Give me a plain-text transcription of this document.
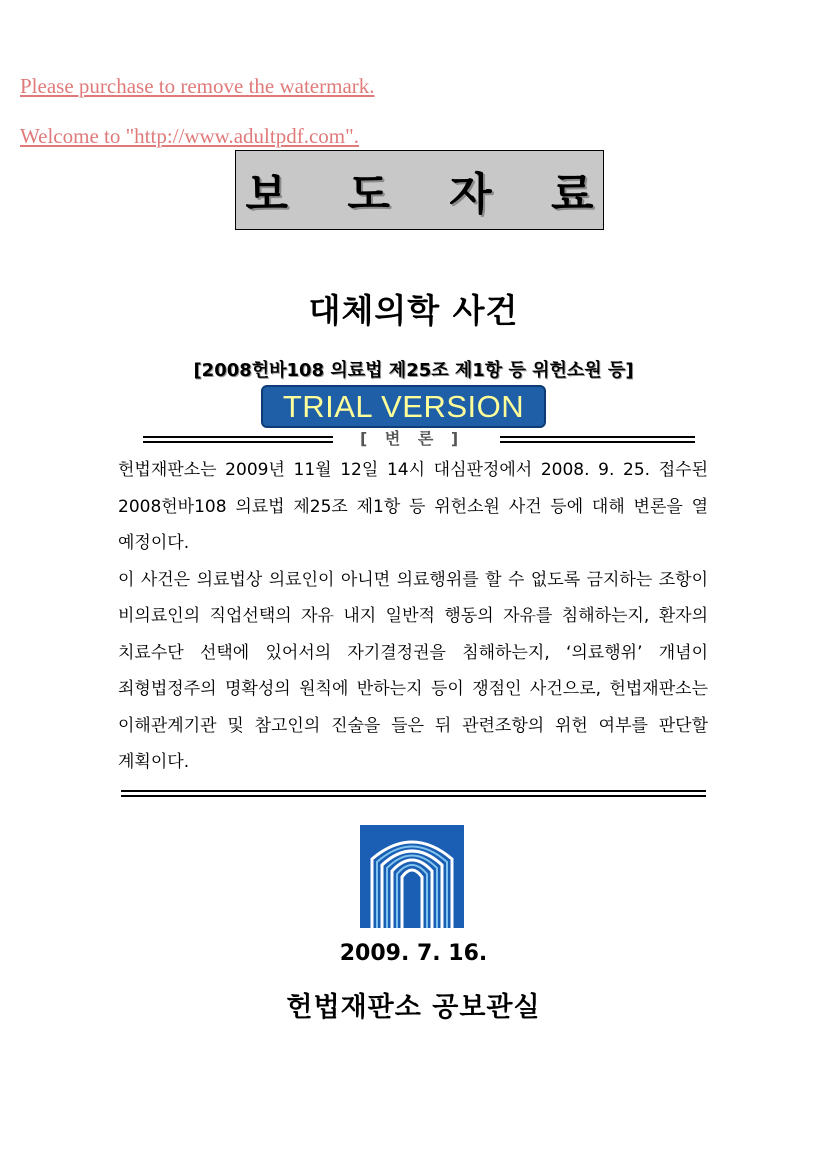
Please purchase to remove the watermark.
Welcome to "http://www.adultpdf.com".
보 도 자 료
대체의학 사건
[2008헌바108 의료법 제25조 제1항 등 위헌소원 등]
[ 변 론 ]
TRIAL VERSION

헌법재판소는 2009년 11월 12일 14시 대심판정에서 2008. 9. 25. 접수된 2008헌바108 의료법 제25조 제1항 등 위헌소원 사건 등에 대해 변론을 열 예정이다.

이 사건은 의료법상 의료인이 아니면 의료행위를 할 수 없도록 금지하는 조항이 비의료인의 직업선택의 자유 내지 일반적 행동의 자유를 침해하는지, 환자의 치료수단 선택에 있어서의 자기결정권을 침해하는지, ‘의료행위’ 개념이 죄형법정주의 명확성의 원칙에 반하는지 등이 쟁점인 사건으로, 헌법재판소는 이해관계기관 및 참고인의 진술을 들은 뒤 관련조항의 위헌 여부를 판단할 계획이다.

2009. 7. 16.
헌법재판소 공보관실
